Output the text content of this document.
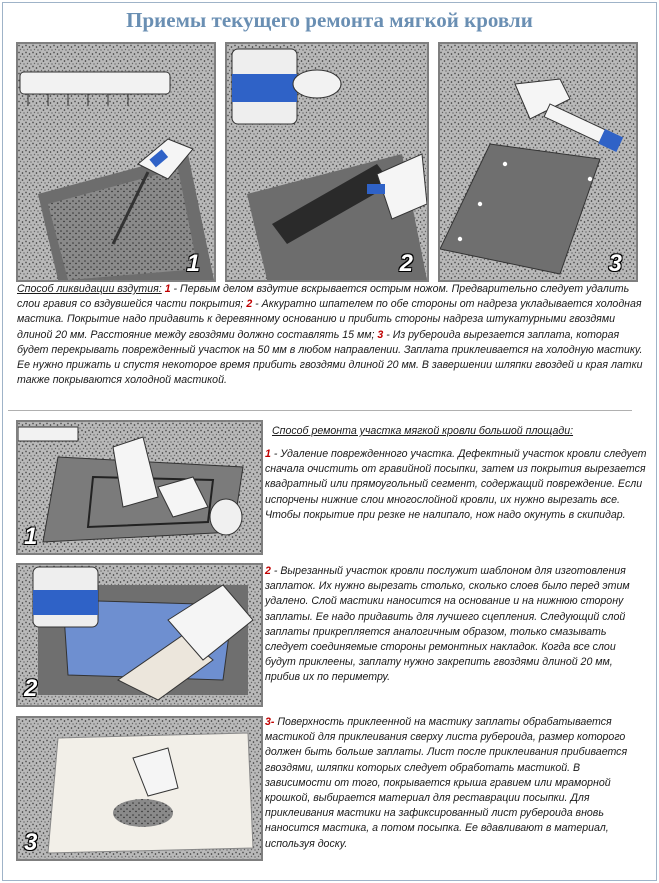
Приемы текущего ремонта мягкой кровли
1	2	3
Способ ликвидации вздутия: 1 - Первым делом вздутие вскрывается острым ножом. Предварительно следует удалить слои гравия со вздувшейся части покрытия; 2 - Аккуратно шпателем по обе стороны от надреза укладывается холодная мастика. Покрытие надо придавить к деревянному основанию и прибить стороны надреза штукатурными гвоздями длиной 20 мм. Расстояние между гвоздями должно составлять 15 мм; 3 - Из рубероида вырезается заплата, которая будет перекрывать поврежденный участок на 50 мм в любом направлении. Заплата приклеивается на холодную мастику. Ее нужно прижать и спустя некоторое время прибить гвоздями длиной 20 мм. В завершении шляпки гвоздей и края латки также покрываются холодной мастикой.
1
2
3
Способ ремонта участка мягкой кровли большой площади:
1 - Удаление поврежденного участка. Дефектный участок кровли следует сначала очистить от гравийной посыпки, затем из покрытия вырезается квадратный или прямоугольный сегмент, содержащий повреждение. Если испорчены нижние слои многослойной кровли, их нужно вырезать все. Чтобы покрытие при резке не налипало, нож надо окунуть в скипидар.
2 - Вырезанный участок кровли послужит шаблоном для изготовления заплаток. Их нужно вырезать столько, сколько слоев было перед этим удалено. Слой мастики наносится на основание и на нижнюю сторону заплаты. Ее надо придавить для лучшего сцепления. Следующий слой заплаты прикрепляется аналогичным образом, только смазывать следует соединяемые стороны ремонтных накладок. Когда все слои будут приклеены, заплату нужно закрепить гвоздями длиной 20 мм, прибив их по периметру.
3- Поверхность приклеенной на мастику заплаты обрабатывается мастикой для приклеивания сверху листа рубероида, размер которого должен быть больше заплаты. Лист после приклеивания прибивается гвоздями, шляпки которых следует обработать мастикой. В зависимости от того, покрывается крыша гравием или мраморной крошкой, выбирается материал для реставрации посыпки. Для приклеивания мастики на зафиксированный лист рубероида вновь наносится мастика, а потом посыпка. Ее вдавливают в материал, используя доску.
